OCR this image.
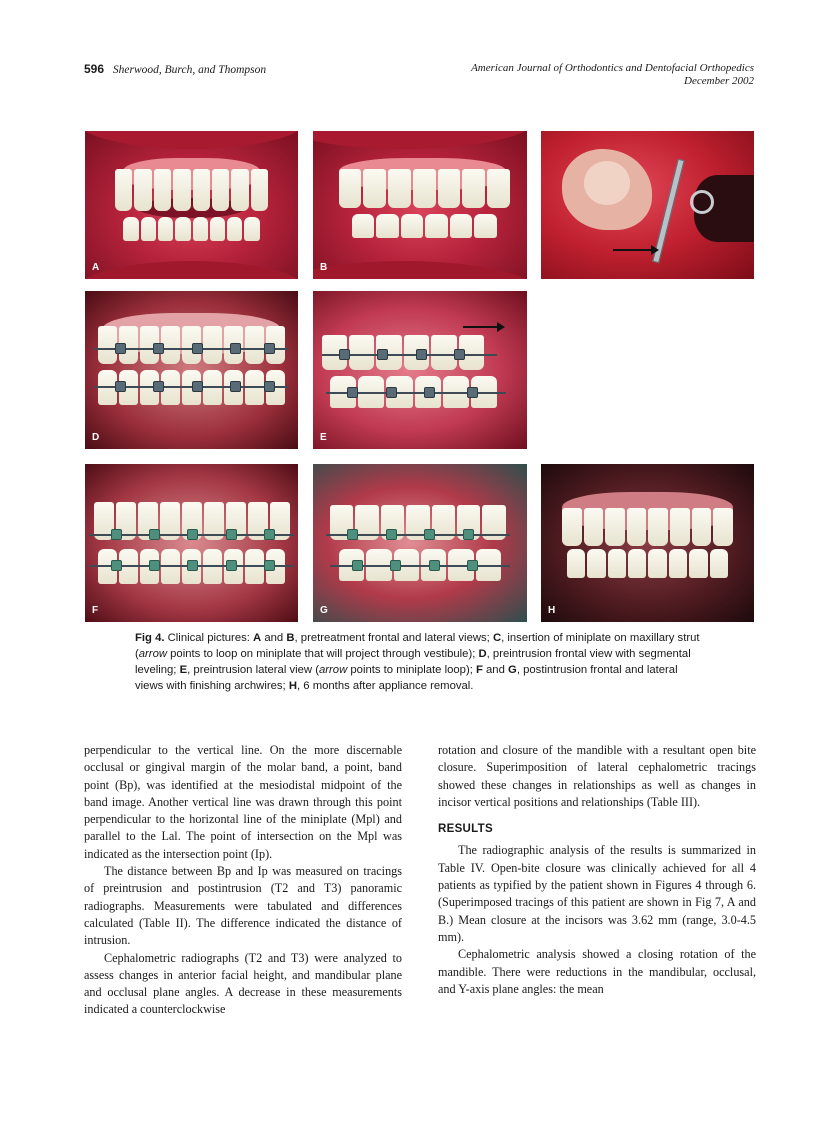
596 Sherwood, Burch, and Thompson	American Journal of Orthodontics and Dentofacial Orthopedics
December 2002
A	B
D	E
F	G	H
Fig 4. Clinical pictures: A and B, pretreatment frontal and lateral views; C, insertion of miniplate on maxillary strut (arrow points to loop on miniplate that will project through vestibule); D, preintrusion frontal view with segmental leveling; E, preintrusion lateral view (arrow points to miniplate loop); F and G, postintrusion frontal and lateral views with finishing archwires; H, 6 months after appliance removal.

perpendicular to the vertical line. On the more discernable occlusal or gingival margin of the molar band, a point, band point (Bp), was identified at the mesiodistal midpoint of the band image. Another vertical line was drawn through this point perpendicular to the horizontal line of the miniplate (Mpl) and parallel to the Lal. The point of intersection on the Mpl was indicated as the intersection point (Ip).

The distance between Bp and Ip was measured on tracings of preintrusion and postintrusion (T2 and T3) panoramic radiographs. Measurements were tabulated and differences calculated (Table II). The difference indicated the distance of intrusion.

Cephalometric radiographs (T2 and T3) were analyzed to assess changes in anterior facial height, and mandibular plane and occlusal plane angles. A decrease in these measurements indicated a counterclockwise

rotation and closure of the mandible with a resultant open bite closure. Superimposition of lateral cephalometric tracings showed these changes in relationships as well as changes in incisor vertical positions and relationships (Table III).

RESULTS

The radiographic analysis of the results is summarized in Table IV. Open-bite closure was clinically achieved for all 4 patients as typified by the patient shown in Figures 4 through 6. (Superimposed tracings of this patient are shown in Fig 7, A and B.) Mean closure at the incisors was 3.62 mm (range, 3.0-4.5 mm).

Cephalometric analysis showed a closing rotation of the mandible. There were reductions in the mandibular, occlusal, and Y-axis plane angles: the mean
